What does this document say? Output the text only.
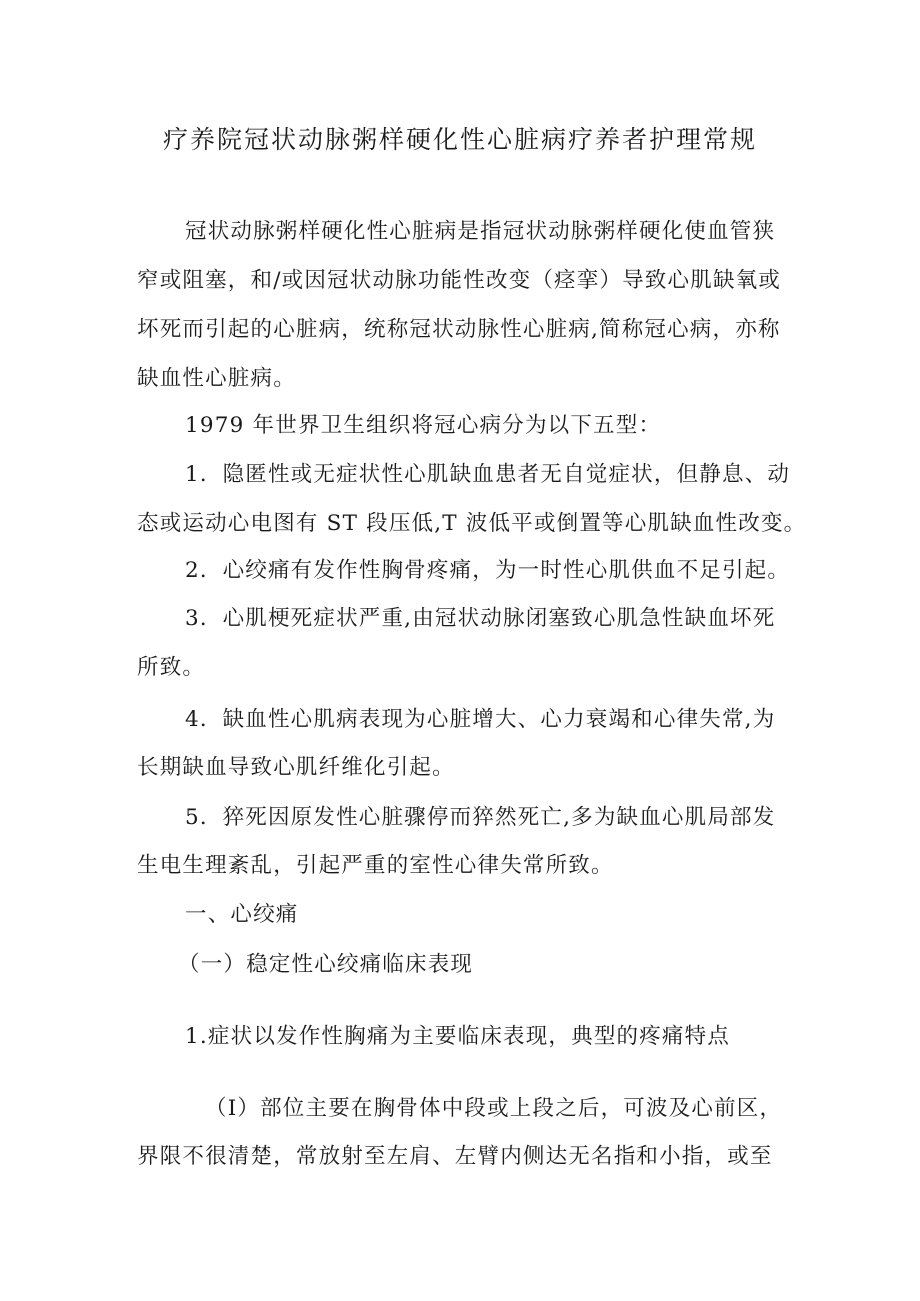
疗养院冠状动脉粥样硬化性心脏病疗养者护理常规
冠状动脉粥样硬化性心脏病是指冠状动脉粥样硬化使血管狭
窄或阻塞，和/或因冠状动脉功能性改变（痉挛）导致心肌缺氧或
坏死而引起的心脏病，统称冠状动脉性心脏病,简称冠心病，亦称
缺血性心脏病。
1979 年世界卫生组织将冠心病分为以下五型：
1．隐匿性或无症状性心肌缺血患者无自觉症状，但静息、动
态或运动心电图有 ST 段压低,T 波低平或倒置等心肌缺血性改变。
2．心绞痛有发作性胸骨疼痛，为一时性心肌供血不足引起。
3．心肌梗死症状严重,由冠状动脉闭塞致心肌急性缺血坏死
所致。
4．缺血性心肌病表现为心脏增大、心力衰竭和心律失常,为
长期缺血导致心肌纤维化引起。
5．猝死因原发性心脏骤停而猝然死亡,多为缺血心肌局部发
生电生理紊乱，引起严重的室性心律失常所致。
一、心绞痛
（一）稳定性心绞痛临床表现
1.症状以发作性胸痛为主要临床表现，典型的疼痛特点
（I）部位主要在胸骨体中段或上段之后，可波及心前区，
界限不很清楚，常放射至左肩、左臂内侧达无名指和小指，或至
